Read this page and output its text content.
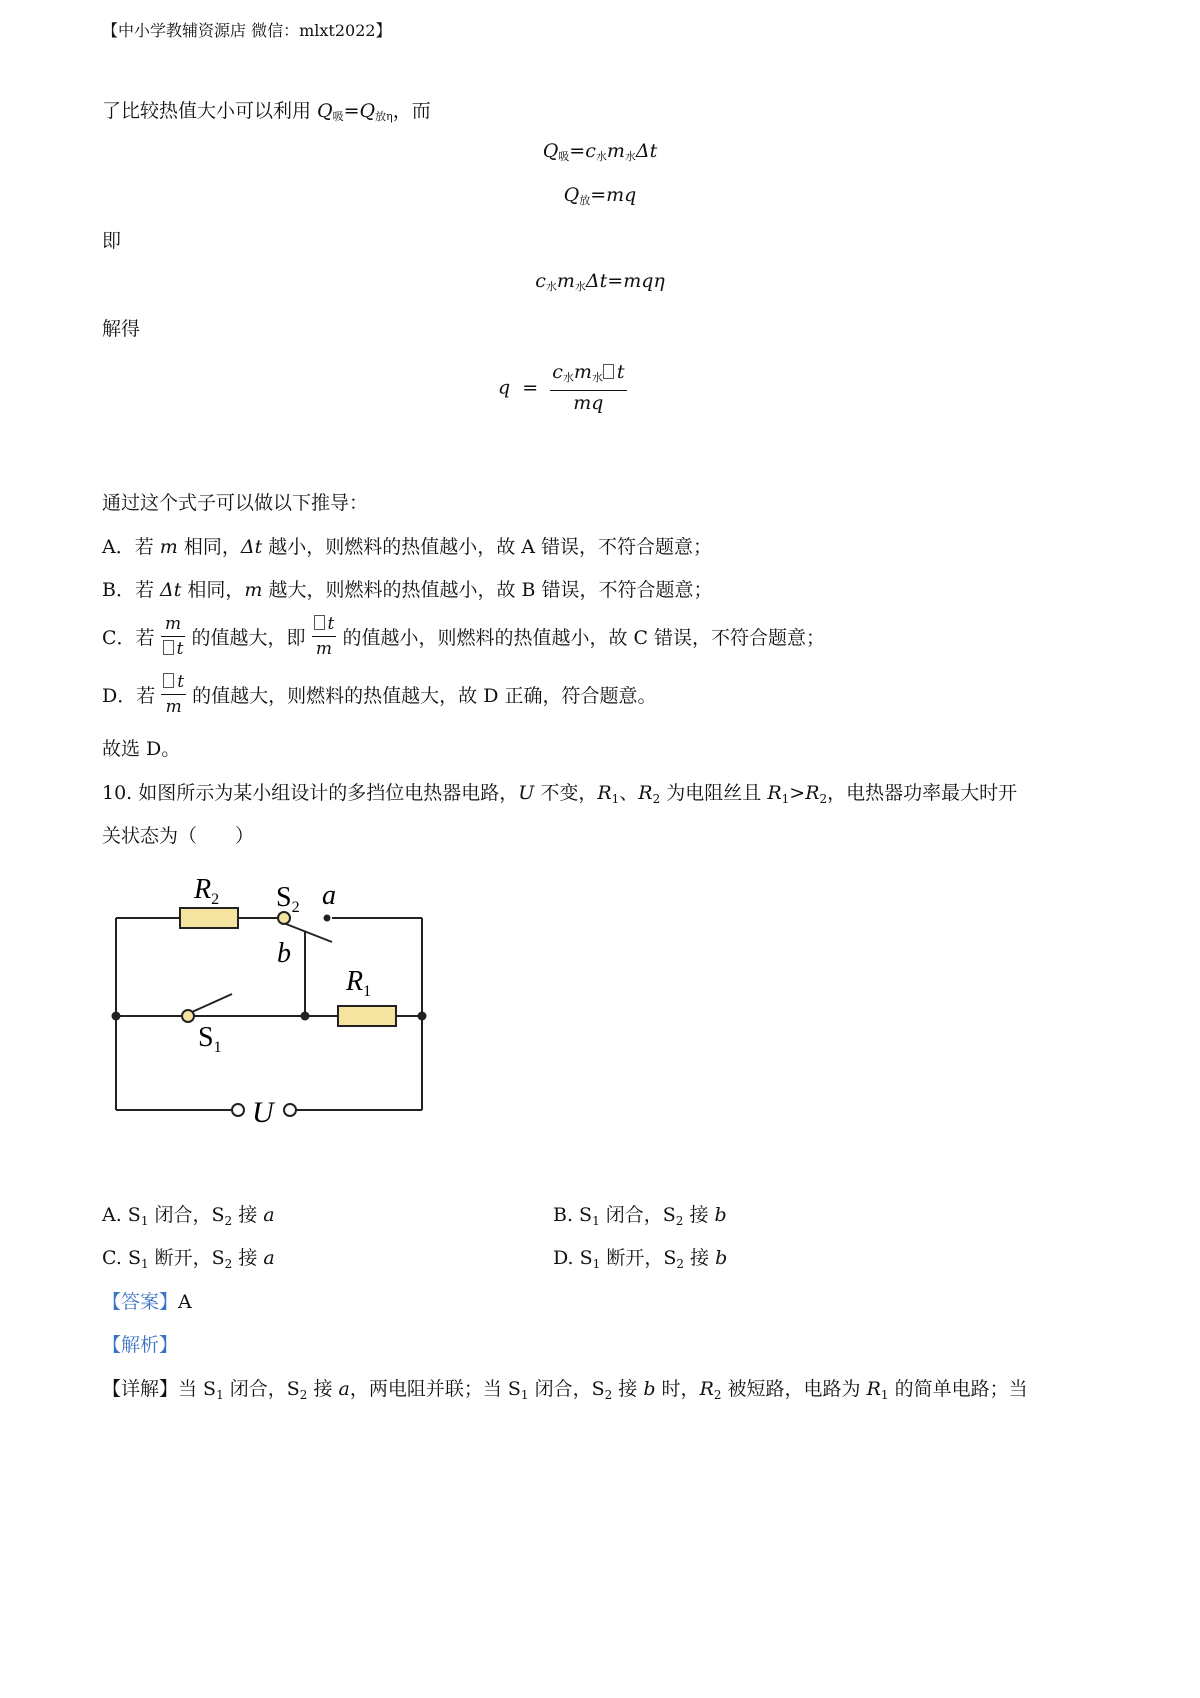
【中小学教辅资源店 微信：mlxt2022】
了比较热值大小可以利用 $Q_吸=Q_{放\eta}$，而
$Q_吸=c_水m_水\Delta t$
$Q_放=mq$
即
$c_水m_水\Delta t=mq\eta$
解得
$q = \frac{c_水m_水 t}{mq}$
通过这个式子可以做以下推导：
A．若 m 相同，Δt 越小，则燃料的热值越小，故 A 错误，不符合题意；
B．若 Δt 相同，m 越大，则燃料的热值越小，故 B 错误，不符合题意；
C．若 $\frac{m}{t}$ 的值越大，即 $\frac{t}{m}$ 的值越小，则燃料的热值越小，故 C 错误，不符合题意；
D．若 $\frac{t}{m}$ 的值越大，则燃料的热值越大，故 D 正确，符合题意。
故选 D。
10. 如图所示为某小组设计的多挡位电热器电路，U 不变，$R_1$、$R_2$ 为电阻丝且 $R_1>R_2$，电热器功率最大时开
关状态为（　　）
$R_2$ $S_2$ a
b
$R_1$
$S_1$
U
A. $S_1$ 闭合，$S_2$ 接 a	B. $S_1$ 闭合，$S_2$ 接 b
C. $S_1$ 断开，$S_2$ 接 a	D. $S_1$ 断开，$S_2$ 接 b
【答案】A
【解析】
【详解】当 $S_1$ 闭合，$S_2$ 接 a，两电阻并联；当 $S_1$ 闭合，$S_2$ 接 b 时，$R_2$ 被短路，电路为 $R_1$ 的简单电路；当
